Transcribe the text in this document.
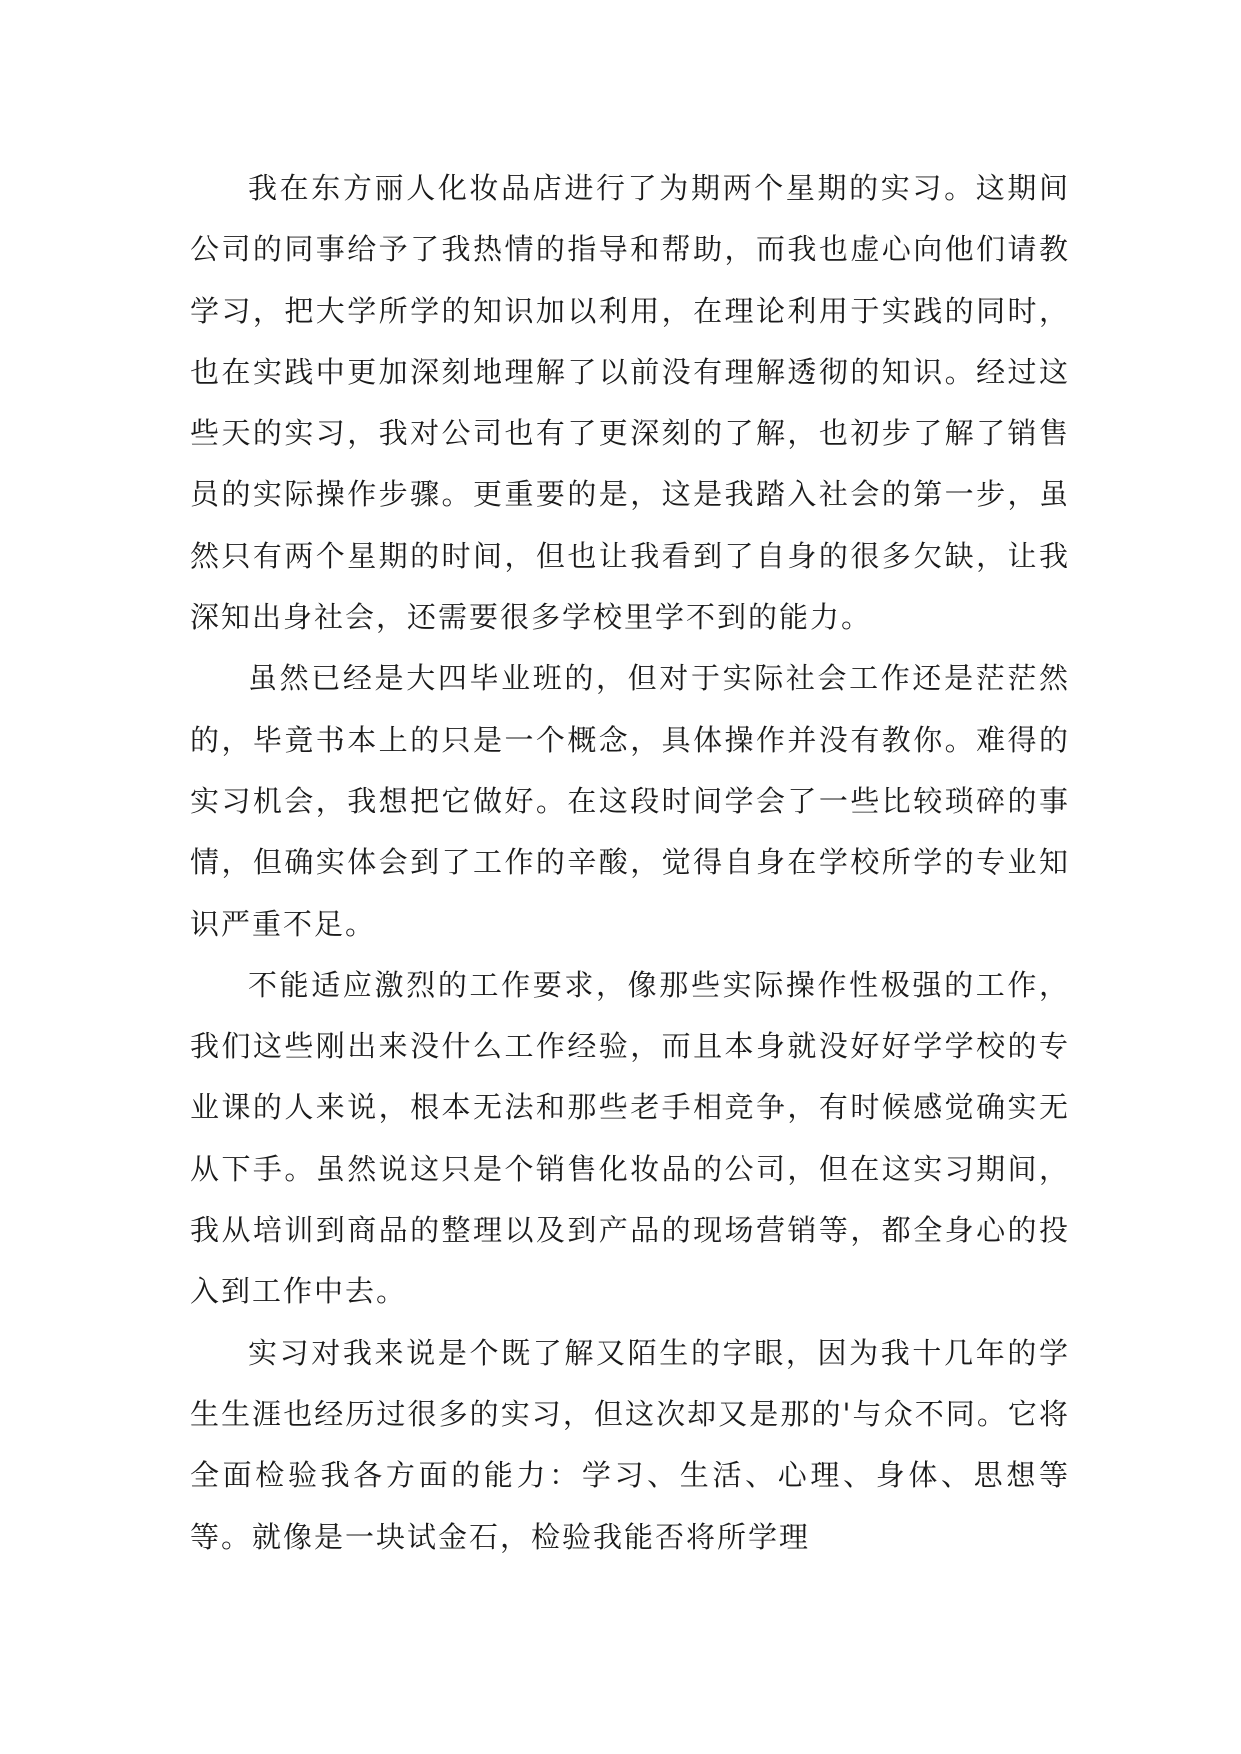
我在东方丽人化妆品店进行了为期两个星期的实习。这期间公司的同事给予了我热情的指导和帮助，而我也虚心向他们请教学习，把大学所学的知识加以利用，在理论利用于实践的同时，也在实践中更加深刻地理解了以前没有理解透彻的知识。经过这些天的实习，我对公司也有了更深刻的了解，也初步了解了销售员的实际操作步骤。更重要的是，这是我踏入社会的第一步，虽然只有两个星期的时间，但也让我看到了自身的很多欠缺，让我深知出身社会，还需要很多学校里学不到的能力。

虽然已经是大四毕业班的，但对于实际社会工作还是茫茫然的，毕竟书本上的只是一个概念，具体操作并没有教你。难得的实习机会，我想把它做好。在这段时间学会了一些比较琐碎的事情，但确实体会到了工作的辛酸，觉得自身在学校所学的专业知识严重不足。

不能适应激烈的工作要求，像那些实际操作性极强的工作，我们这些刚出来没什么工作经验，而且本身就没好好学学校的专业课的人来说，根本无法和那些老手相竞争，有时候感觉确实无从下手。虽然说这只是个销售化妆品的公司，但在这实习期间，我从培训到商品的整理以及到产品的现场营销等，都全身心的投入到工作中去。

实习对我来说是个既了解又陌生的字眼，因为我十几年的学生生涯也经历过很多的实习，但这次却又是那的'与众不同。它将全面检验我各方面的能力：学习、生活、心理、身体、思想等等。就像是一块试金石，检验我能否将所学理
